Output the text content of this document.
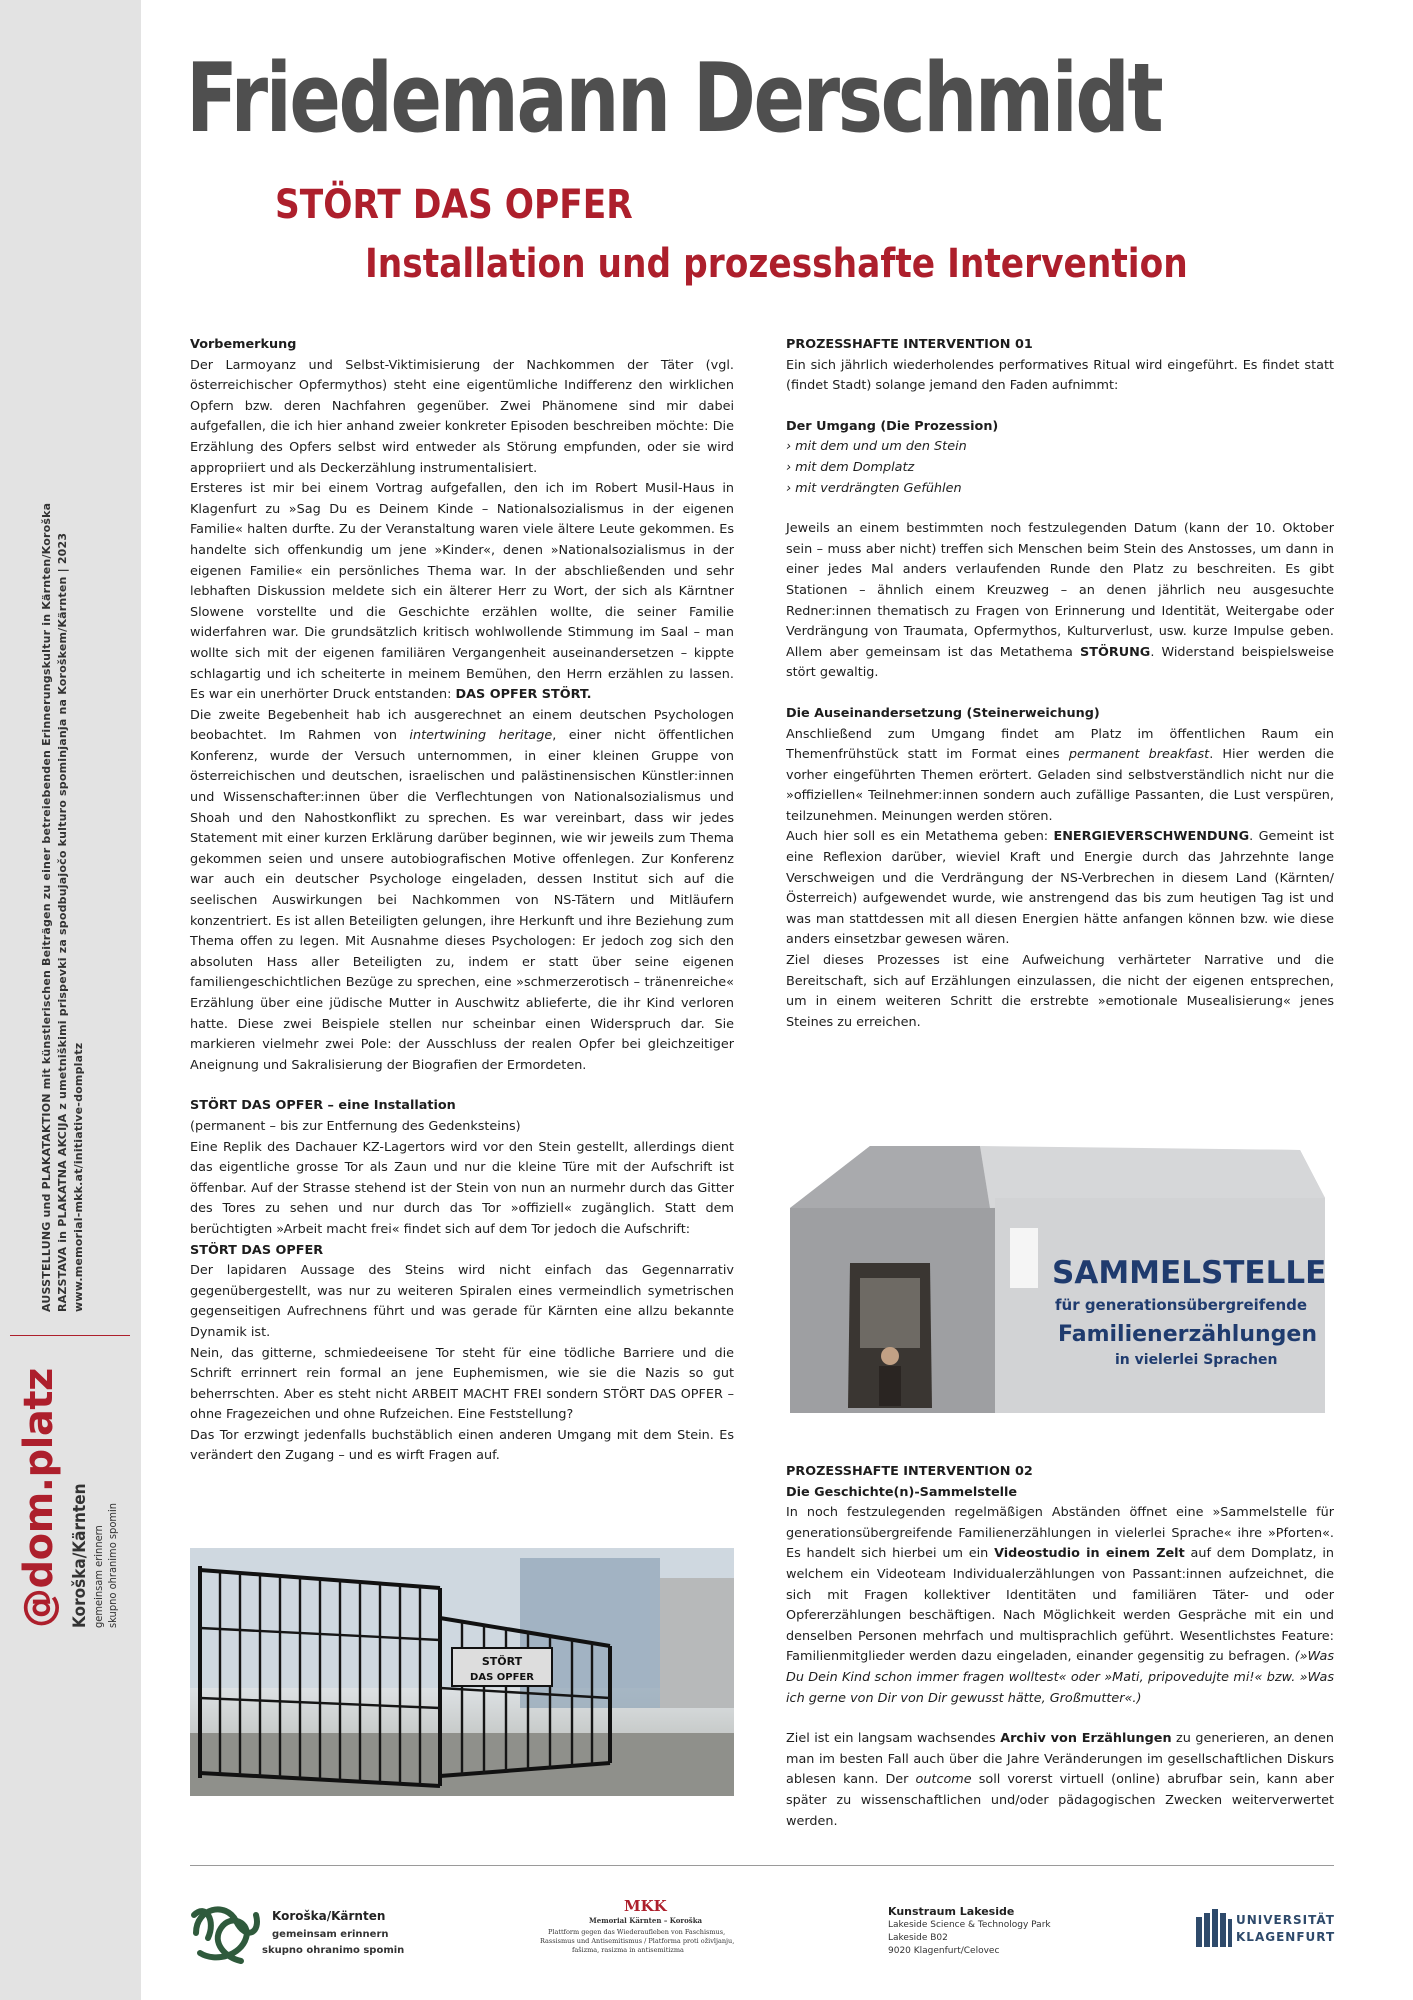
@dom.platz Koroška/Kärnten gemeinsam erinnern skupno ohranimo spomin
AUSSTELLUNG und PLAKATAKTION mit künstlerischen Beiträgen zu einer betreiebenden Erinnerungskultur in Kärnten/Koroška RAZSTAVA in PLAKATNA AKCIJA z umetniškimi prispevki za spodbujajočo kulturo spominjanja na Koroškem/Kärnten | 2023 www.memorial-mkk.at/initiative-domplatz
Friedemann Derschmidt
STÖRT DAS OPFER
Installation und prozesshafte Intervention

Vorbemerkung

Der Larmoyanz und Selbst-Viktimisierung der Nachkommen der Täter (vgl. österreichischer Opfermythos) steht eine eigentümliche Indifferenz den wirklichen Opfern bzw. deren Nachfahren gegenüber. Zwei Phänomene sind mir dabei aufgefallen, die ich hier anhand zweier konkreter Episoden beschreiben möchte: Die Erzählung des Opfers selbst wird entweder als Störung empfunden, oder sie wird appropriiert und als Deckerzählung instrumentalisiert.

Ersteres ist mir bei einem Vortrag aufgefallen, den ich im Robert Musil-Haus in Klagenfurt zu »Sag Du es Deinem Kinde – Nationalsozialismus in der eigenen Familie« halten durfte. Zu der Veranstaltung waren viele ältere Leute gekommen. Es handelte sich offenkundig um jene »Kinder«, denen »Nationalsozialismus in der eigenen Familie« ein persönliches Thema war. In der abschließenden und sehr lebhaften Diskussion meldete sich ein älterer Herr zu Wort, der sich als Kärntner Slowene vorstellte und die Geschichte erzählen wollte, die seiner Familie widerfahren war. Die grundsätzlich kritisch wohlwollende Stimmung im Saal – man wollte sich mit der eigenen familiären Vergangenheit auseinandersetzen – kippte schlagartig und ich scheiterte in meinem Bemühen, den Herrn erzählen zu lassen. Es war ein unerhörter Druck entstanden: DAS OPFER STÖRT.

Die zweite Begebenheit hab ich ausgerechnet an einem deutschen Psychologen beobachtet. Im Rahmen von intertwining heritage, einer nicht öffentlichen Konferenz, wurde der Versuch unternommen, in einer kleinen Gruppe von österreichischen und deutschen, israelischen und palästinensischen Künstler:innen und Wissenschafter:innen über die Verflechtungen von Nationalsozialismus und Shoah und den Nahostkonflikt zu sprechen. Es war vereinbart, dass wir jedes Statement mit einer kurzen Erklärung darüber beginnen, wie wir jeweils zum Thema gekommen seien und unsere autobiografischen Motive offenlegen. Zur Konferenz war auch ein deutscher Psychologe eingeladen, dessen Institut sich auf die seelischen Auswirkungen bei Nachkommen von NS-Tätern und Mitläufern konzentriert. Es ist allen Beteiligten gelungen, ihre Herkunft und ihre Beziehung zum Thema offen zu legen. Mit Ausnahme dieses Psychologen: Er jedoch zog sich den absoluten Hass aller Beteiligten zu, indem er statt über seine eigenen familiengeschichtlichen Bezüge zu sprechen, eine »schmerzerotisch – tränenreiche« Erzählung über eine jüdische Mutter in Auschwitz ablieferte, die ihr Kind verloren hatte. Diese zwei Beispiele stellen nur scheinbar einen Widerspruch dar. Sie markieren vielmehr zwei Pole: der Ausschluss der realen Opfer bei gleichzeitiger Aneignung und Sakralisierung der Biografien der Ermordeten.

STÖRT DAS OPFER – eine Installation

(permanent – bis zur Entfernung des Gedenksteins)

Eine Replik des Dachauer KZ-Lagertors wird vor den Stein gestellt, allerdings dient das eigentliche grosse Tor als Zaun und nur die kleine Türe mit der Aufschrift ist öffenbar. Auf der Strasse stehend ist der Stein von nun an nurmehr durch das Gitter des Tores zu sehen und nur durch das Tor »offiziell« zugänglich. Statt dem berüchtigten »Arbeit macht frei« findet sich auf dem Tor jedoch die Aufschrift:

STÖRT DAS OPFER

Der lapidaren Aussage des Steins wird nicht einfach das Gegennarrativ gegenübergestellt, was nur zu weiteren Spiralen eines vermeindlich symetrischen gegenseitigen Aufrechnens führt und was gerade für Kärnten eine allzu bekannte Dynamik ist.

Nein, das gitterne, schmiedeeisene Tor steht für eine tödliche Barriere und die Schrift errinnert rein formal an jene Euphemismen, wie sie die Nazis so gut beherrschten. Aber es steht nicht ARBEIT MACHT FREI sondern STÖRT DAS OPFER – ohne Fragezeichen und ohne Rufzeichen. Eine Feststellung?

Das Tor erzwingt jedenfalls buchstäblich einen anderen Umgang mit dem Stein. Es verändert den Zugang – und es wirft Fragen auf.

STÖRT
DAS OPFER

PROZESSHAFTE INTERVENTION 01

Ein sich jährlich wiederholendes performatives Ritual wird eingeführt. Es findet statt (findet Stadt) solange jemand den Faden aufnimmt:

Der Umgang (Die Prozession)

› mit dem und um den Stein

› mit dem Domplatz

› mit verdrängten Gefühlen

Jeweils an einem bestimmten noch festzulegenden Datum (kann der 10. Oktober sein – muss aber nicht) treffen sich Menschen beim Stein des Anstosses, um dann in einer jedes Mal anders verlaufenden Runde den Platz zu beschreiten. Es gibt Stationen – ähnlich einem Kreuzweg – an denen jährlich neu ausgesuchte Redner:innen thematisch zu Fragen von Erinnerung und Identität, Weitergabe oder Verdrängung von Traumata, Opfermythos, Kulturverlust, usw. kurze Impulse geben. Allem aber gemeinsam ist das Metathema STÖRUNG. Widerstand beispielsweise stört gewaltig.

Die Auseinandersetzung (Steinerweichung)

Anschließend zum Umgang findet am Platz im öffentlichen Raum ein Themenfrühstück statt im Format eines permanent breakfast. Hier werden die vorher eingeführten Themen erörtert. Geladen sind selbstverständlich nicht nur die »offiziellen« Teilnehmer:innen sondern auch zufällige Passanten, die Lust verspüren, teilzunehmen. Meinungen werden stören.

Auch hier soll es ein Metathema geben: ENERGIEVERSCHWENDUNG. Gemeint ist eine Reflexion darüber, wieviel Kraft und Energie durch das Jahrzehnte lange Verschweigen und die Verdrängung der NS-Verbrechen in diesem Land (Kärnten/Österreich) aufgewendet wurde, wie anstrengend das bis zum heutigen Tag ist und was man stattdessen mit all diesen Energien hätte anfangen können bzw. wie diese anders einsetzbar gewesen wären.

Ziel dieses Prozesses ist eine Aufweichung verhärteter Narrative und die Bereitschaft, sich auf Erzählungen einzulassen, die nicht der eigenen entsprechen, um in einem weiteren Schritt die erstrebte »emotionale Musealisierung« jenes Steines zu erreichen.

SAMMELSTELLE
für generationsübergreifende
Familienerzählungen
in vielerlei Sprachen

PROZESSHAFTE INTERVENTION 02

Die Geschichte(n)-Sammelstelle

In noch festzulegenden regelmäßigen Abständen öffnet eine »Sammelstelle für generationsübergreifende Familienerzählungen in vielerlei Sprache« ihre »Pforten«. Es handelt sich hierbei um ein Videostudio in einem Zelt auf dem Domplatz, in welchem ein Videoteam Individualerzählungen von Passant:innen aufzeichnet, die sich mit Fragen kollektiver Identitäten und familiären Täter- und oder Opfererzählungen beschäftigen. Nach Möglichkeit werden Gespräche mit ein und denselben Personen mehrfach und multisprachlich geführt. Wesentlichstes Feature: Familienmitglieder werden dazu eingeladen, einander gegensitig zu befragen. (»Was Du Dein Kind schon immer fragen wolltest« oder »Mati, pripovedujte mi!« bzw. »Was ich gerne von Dir von Dir gewusst hätte, Großmutter«.)

Ziel ist ein langsam wachsendes Archiv von Erzählungen zu generieren, an denen man im besten Fall auch über die Jahre Veränderungen im gesellschaftlichen Diskurs ablesen kann. Der outcome soll vorerst virtuell (online) abrufbar sein, kann aber später zu wissenschaftlichen und/oder pädagogischen Zwecken weiterverwertet werden.

Koroška/Kärnten
gemeinsam erinnern
skupno ohranimo spomin
MKK
Memorial Kärnten – Koroška
Plattform gegen das Wiederaufleben von Faschismus,
Rassismus und Antisemitismus / Platforma proti oživljanju,
fašizma, rasizma in antisemitizma
Kunstraum Lakeside
Lakeside Science & Technology Park
Lakeside B02
9020 Klagenfurt/Celovec
UNIVERSITÄT
KLAGENFURT
